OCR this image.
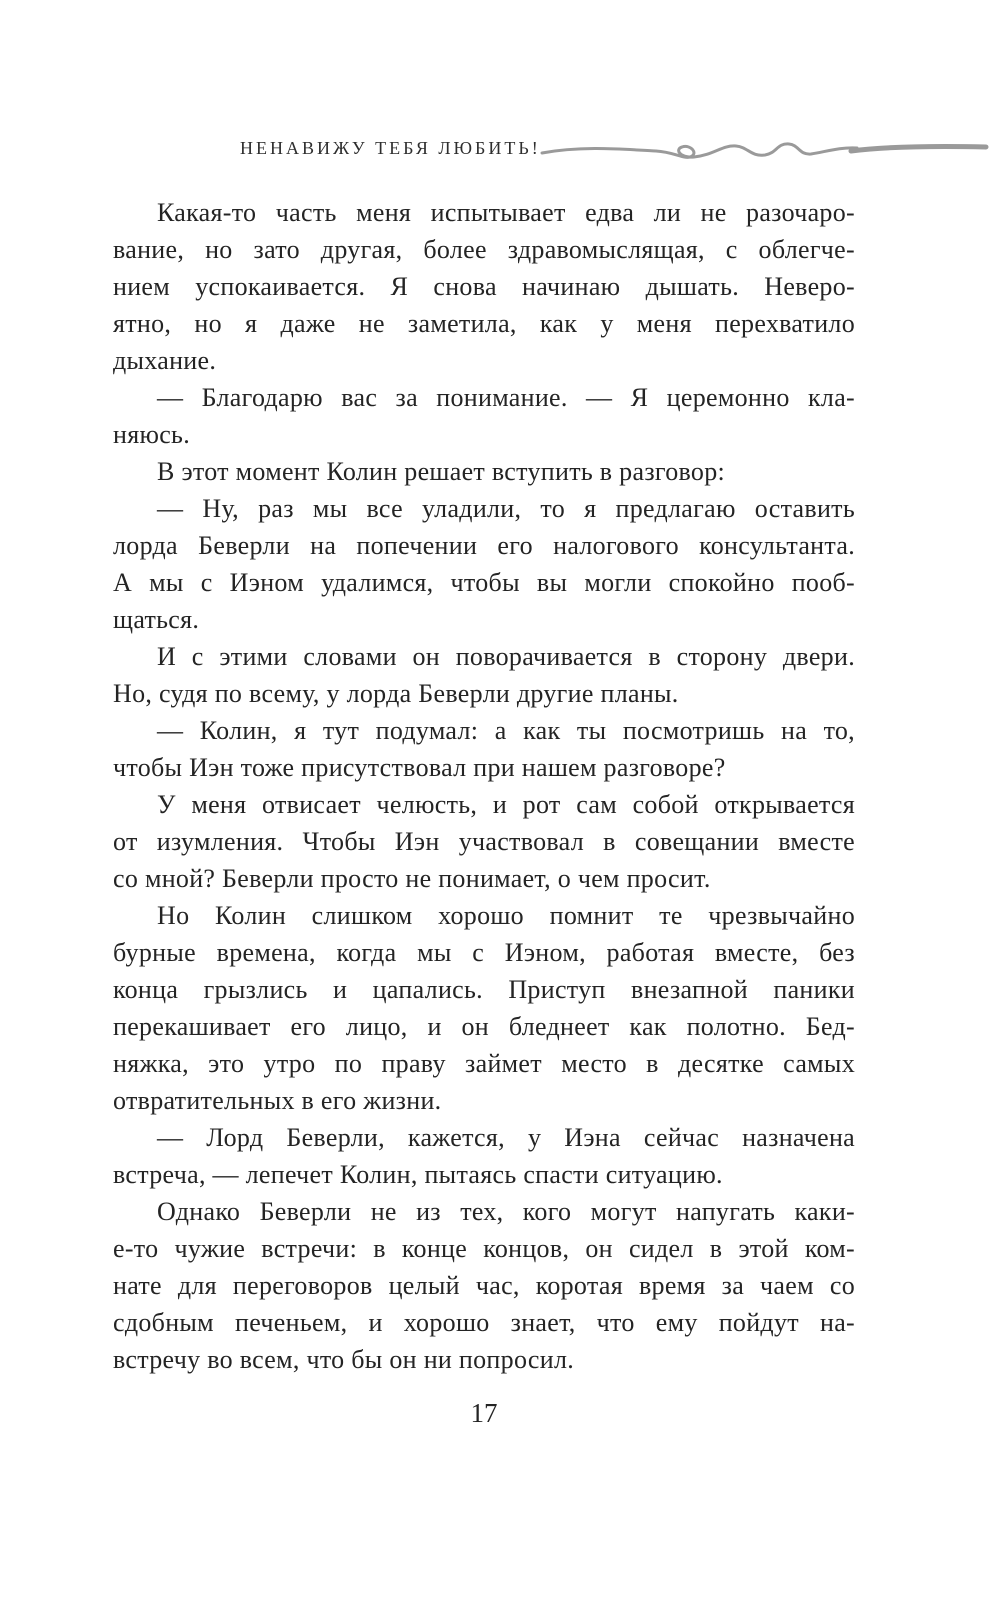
НЕНАВИЖУ ТЕБЯ ЛЮБИТЬ!
Какая-то часть меня испытывает едва ли не разочаро-
вание, но зато другая, более здравомыслящая, с облегче-
нием успокаивается. Я снова начинаю дышать. Неверо-
ятно, но я даже не заметила, как у меня перехватило
дыхание.
— Благодарю вас за понимание. — Я церемонно кла-
няюсь.
В этот момент Колин решает вступить в разговор:
— Ну, раз мы все уладили, то я предлагаю оставить
лорда Беверли на попечении его налогового консультанта.
А мы с Иэном удалимся, чтобы вы могли спокойно пооб-
щаться.
И с этими словами он поворачивается в сторону двери.
Но, судя по всему, у лорда Беверли другие планы.
— Колин, я тут подумал: а как ты посмотришь на то,
чтобы Иэн тоже присутствовал при нашем разговоре?
У меня отвисает челюсть, и рот сам собой открывается
от изумления. Чтобы Иэн участвовал в совещании вместе
со мной? Беверли просто не понимает, о чем просит.
Но Колин слишком хорошо помнит те чрезвычайно
бурные времена, когда мы с Иэном, работая вместе, без
конца грызлись и цапались. Приступ внезапной паники
перекашивает его лицо, и он бледнеет как полотно. Бед-
няжка, это утро по праву займет место в десятке самых
отвратительных в его жизни.
— Лорд Беверли, кажется, у Иэна сейчас назначена
встреча, — лепечет Колин, пытаясь спасти ситуацию.
Однако Беверли не из тех, кого могут напугать каки-
е-то чужие встречи: в конце концов, он сидел в этой ком-
нате для переговоров целый час, коротая время за чаем со
сдобным печеньем, и хорошо знает, что ему пойдут на-
встречу во всем, что бы он ни попросил.
17
